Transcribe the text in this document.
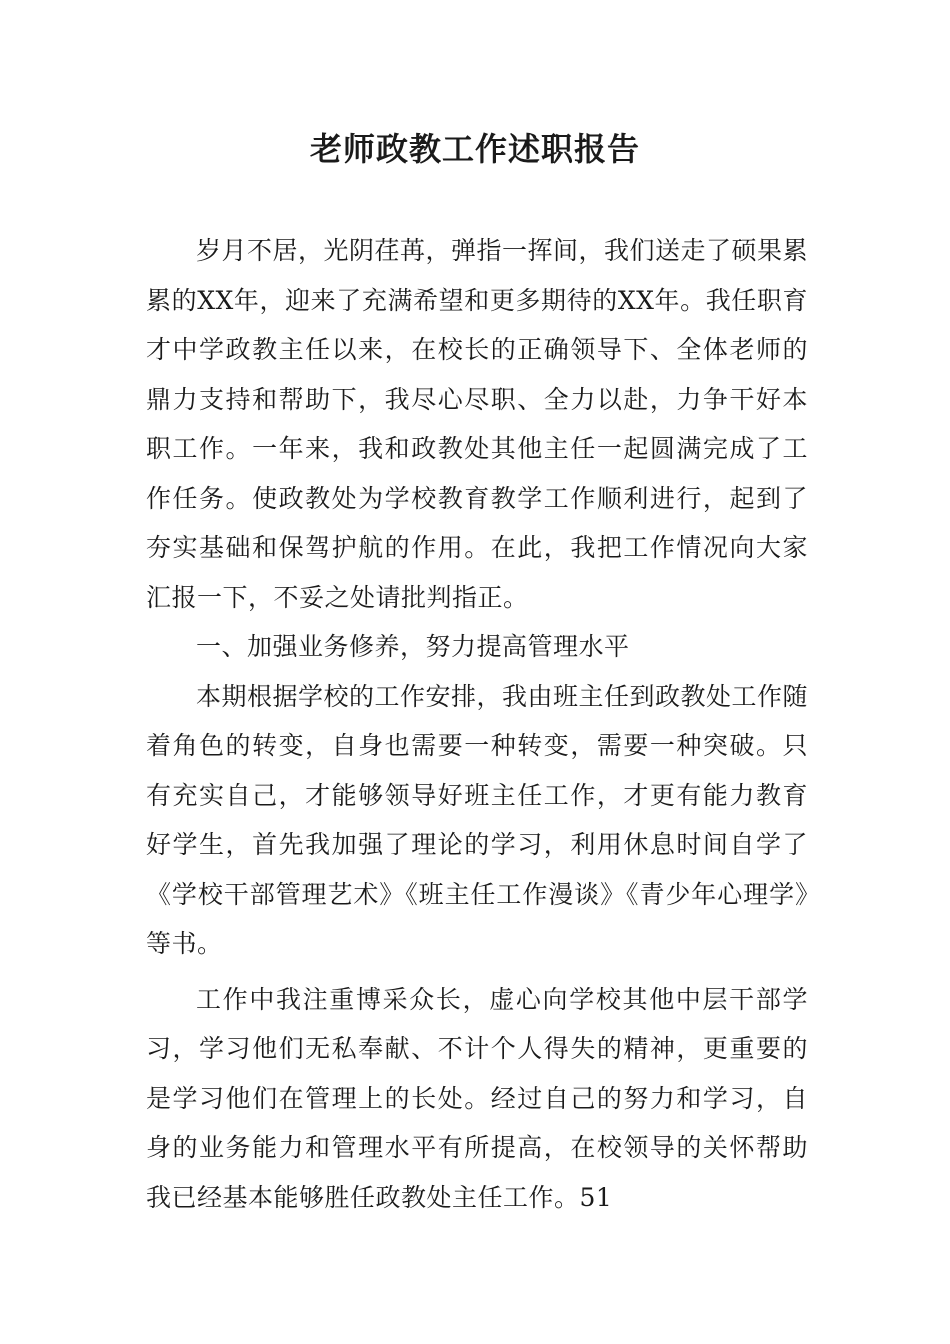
老师政教工作述职报告

岁月不居，光阴荏苒，弹指一挥间，我们送走了硕果累累的XX年，迎来了充满希望和更多期待的XX年。我任职育才中学政教主任以来，在校长的正确领导下、全体老师的鼎力支持和帮助下，我尽心尽职、全力以赴，力争干好本职工作。一年来，我和政教处其他主任一起圆满完成了工作任务。使政教处为学校教育教学工作顺利进行，起到了夯实基础和保驾护航的作用。在此，我把工作情况向大家汇报一下，不妥之处请批判指正。

一、加强业务修养，努力提高管理水平

本期根据学校的工作安排，我由班主任到政教处工作随着角色的转变，自身也需要一种转变，需要一种突破。只有充实自己，才能够领导好班主任工作，才更有能力教育好学生，首先我加强了理论的学习，利用休息时间自学了《学校干部管理艺术》《班主任工作漫谈》《青少年心理学》等书。

工作中我注重博采众长，虚心向学校其他中层干部学习，学习他们无私奉献、不计个人得失的精神，更重要的是学习他们在管理上的长处。经过自己的努力和学习，自身的业务能力和管理水平有所提高，在校领导的关怀帮助我已经基本能够胜任政教处主任工作。51
